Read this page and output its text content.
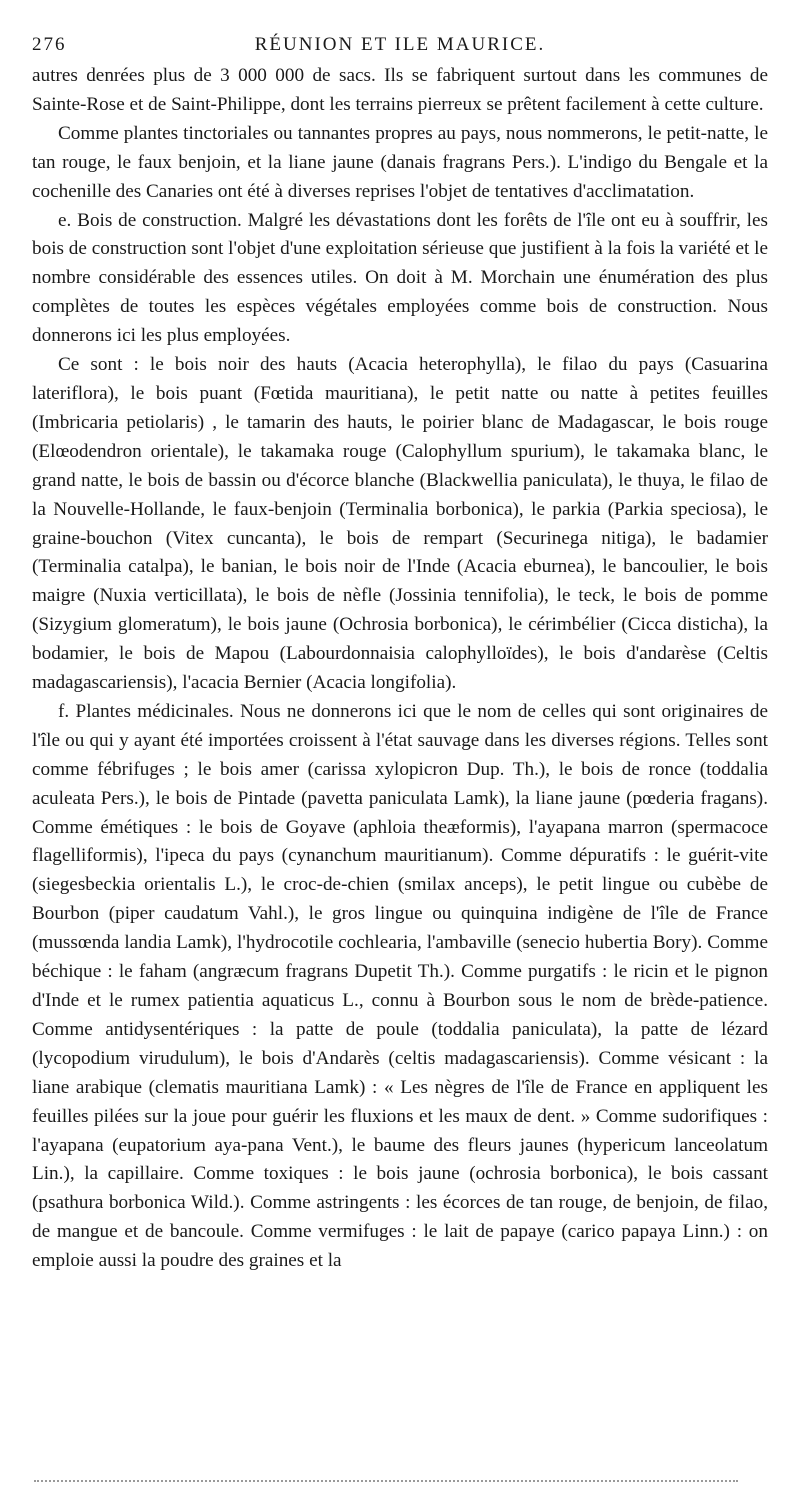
276	RÉUNION ET ILE MAURICE.

autres denrées plus de 3 000 000 de sacs. Ils se fabriquent surtout dans les communes de Sainte-Rose et de Saint-Philippe, dont les terrains pierreux se prêtent facilement à cette culture.

Comme plantes tinctoriales ou tannantes propres au pays, nous nommerons, le petit-natte, le tan rouge, le faux benjoin, et la liane jaune (danais fragrans Pers.). L'indigo du Bengale et la cochenille des Canaries ont été à diverses reprises l'objet de tentatives d'acclimatation.

e. Bois de construction. Malgré les dévastations dont les forêts de l'île ont eu à souffrir, les bois de construction sont l'objet d'une exploitation sérieuse que justifient à la fois la variété et le nombre considérable des essences utiles. On doit à M. Morchain une énumération des plus complètes de toutes les espèces végétales employées comme bois de construction. Nous donnerons ici les plus employées.

Ce sont : le bois noir des hauts (Acacia heterophylla), le filao du pays (Casuarina lateriflora), le bois puant (Fœtida mauritiana), le petit natte ou natte à petites feuilles (Imbricaria petiolaris) , le tamarin des hauts, le poirier blanc de Madagascar, le bois rouge (Elœodendron orientale), le takamaka rouge (Calophyllum spurium), le takamaka blanc, le grand natte, le bois de bassin ou d'écorce blanche (Blackwellia paniculata), le thuya, le filao de la Nouvelle-Hollande, le faux-benjoin (Terminalia borbonica), le parkia (Parkia speciosa), le graine-bouchon (Vitex cuncanta), le bois de rempart (Securinega nitiga), le badamier (Terminalia catalpa), le banian, le bois noir de l'Inde (Acacia eburnea), le bancoulier, le bois maigre (Nuxia verticillata), le bois de nèfle (Jossinia tennifolia), le teck, le bois de pomme (Sizygium glomeratum), le bois jaune (Ochrosia borbonica), le cérimbélier (Cicca disticha), la bodamier, le bois de Mapou (Labourdonnaisia calophylloïdes), le bois d'andarèse (Celtis madagascariensis), l'acacia Bernier (Acacia longifolia).

f. Plantes médicinales. Nous ne donnerons ici que le nom de celles qui sont originaires de l'île ou qui y ayant été importées croissent à l'état sauvage dans les diverses régions. Telles sont comme fébrifuges ; le bois amer (carissa xylopicron Dup. Th.), le bois de ronce (toddalia aculeata Pers.), le bois de Pintade (pavetta paniculata Lamk), la liane jaune (pœderia fragans). Comme émétiques : le bois de Goyave (aphloia theæformis), l'ayapana marron (spermacoce flagelliformis), l'ipeca du pays (cynanchum mauritianum). Comme dépuratifs : le guérit-vite (siegesbeckia orientalis L.), le croc-de-chien (smilax anceps), le petit lingue ou cubèbe de Bourbon (piper caudatum Vahl.), le gros lingue ou quinquina indigène de l'île de France (mussœnda landia Lamk), l'hydrocotile cochlearia, l'ambaville (senecio hubertia Bory). Comme béchique : le faham (angræcum fragrans Dupetit Th.). Comme purgatifs : le ricin et le pignon d'Inde et le rumex patientia aquaticus L., connu à Bourbon sous le nom de brède-patience. Comme antidysentériques : la patte de poule (toddalia paniculata), la patte de lézard (lycopodium virudulum), le bois d'Andarès (celtis madagascariensis). Comme vésicant : la liane arabique (clematis mauritiana Lamk) : « Les nègres de l'île de France en appliquent les feuilles pilées sur la joue pour guérir les fluxions et les maux de dent. » Comme sudorifiques : l'ayapana (eupatorium aya-pana Vent.), le baume des fleurs jaunes (hypericum lanceolatum Lin.), la capillaire. Comme toxiques : le bois jaune (ochrosia borbonica), le bois cassant (psathura borbonica Wild.). Comme astringents : les écorces de tan rouge, de benjoin, de filao, de mangue et de bancoule. Comme vermifuges : le lait de papaye (carico papaya Linn.) : on emploie aussi la poudre des graines et la
